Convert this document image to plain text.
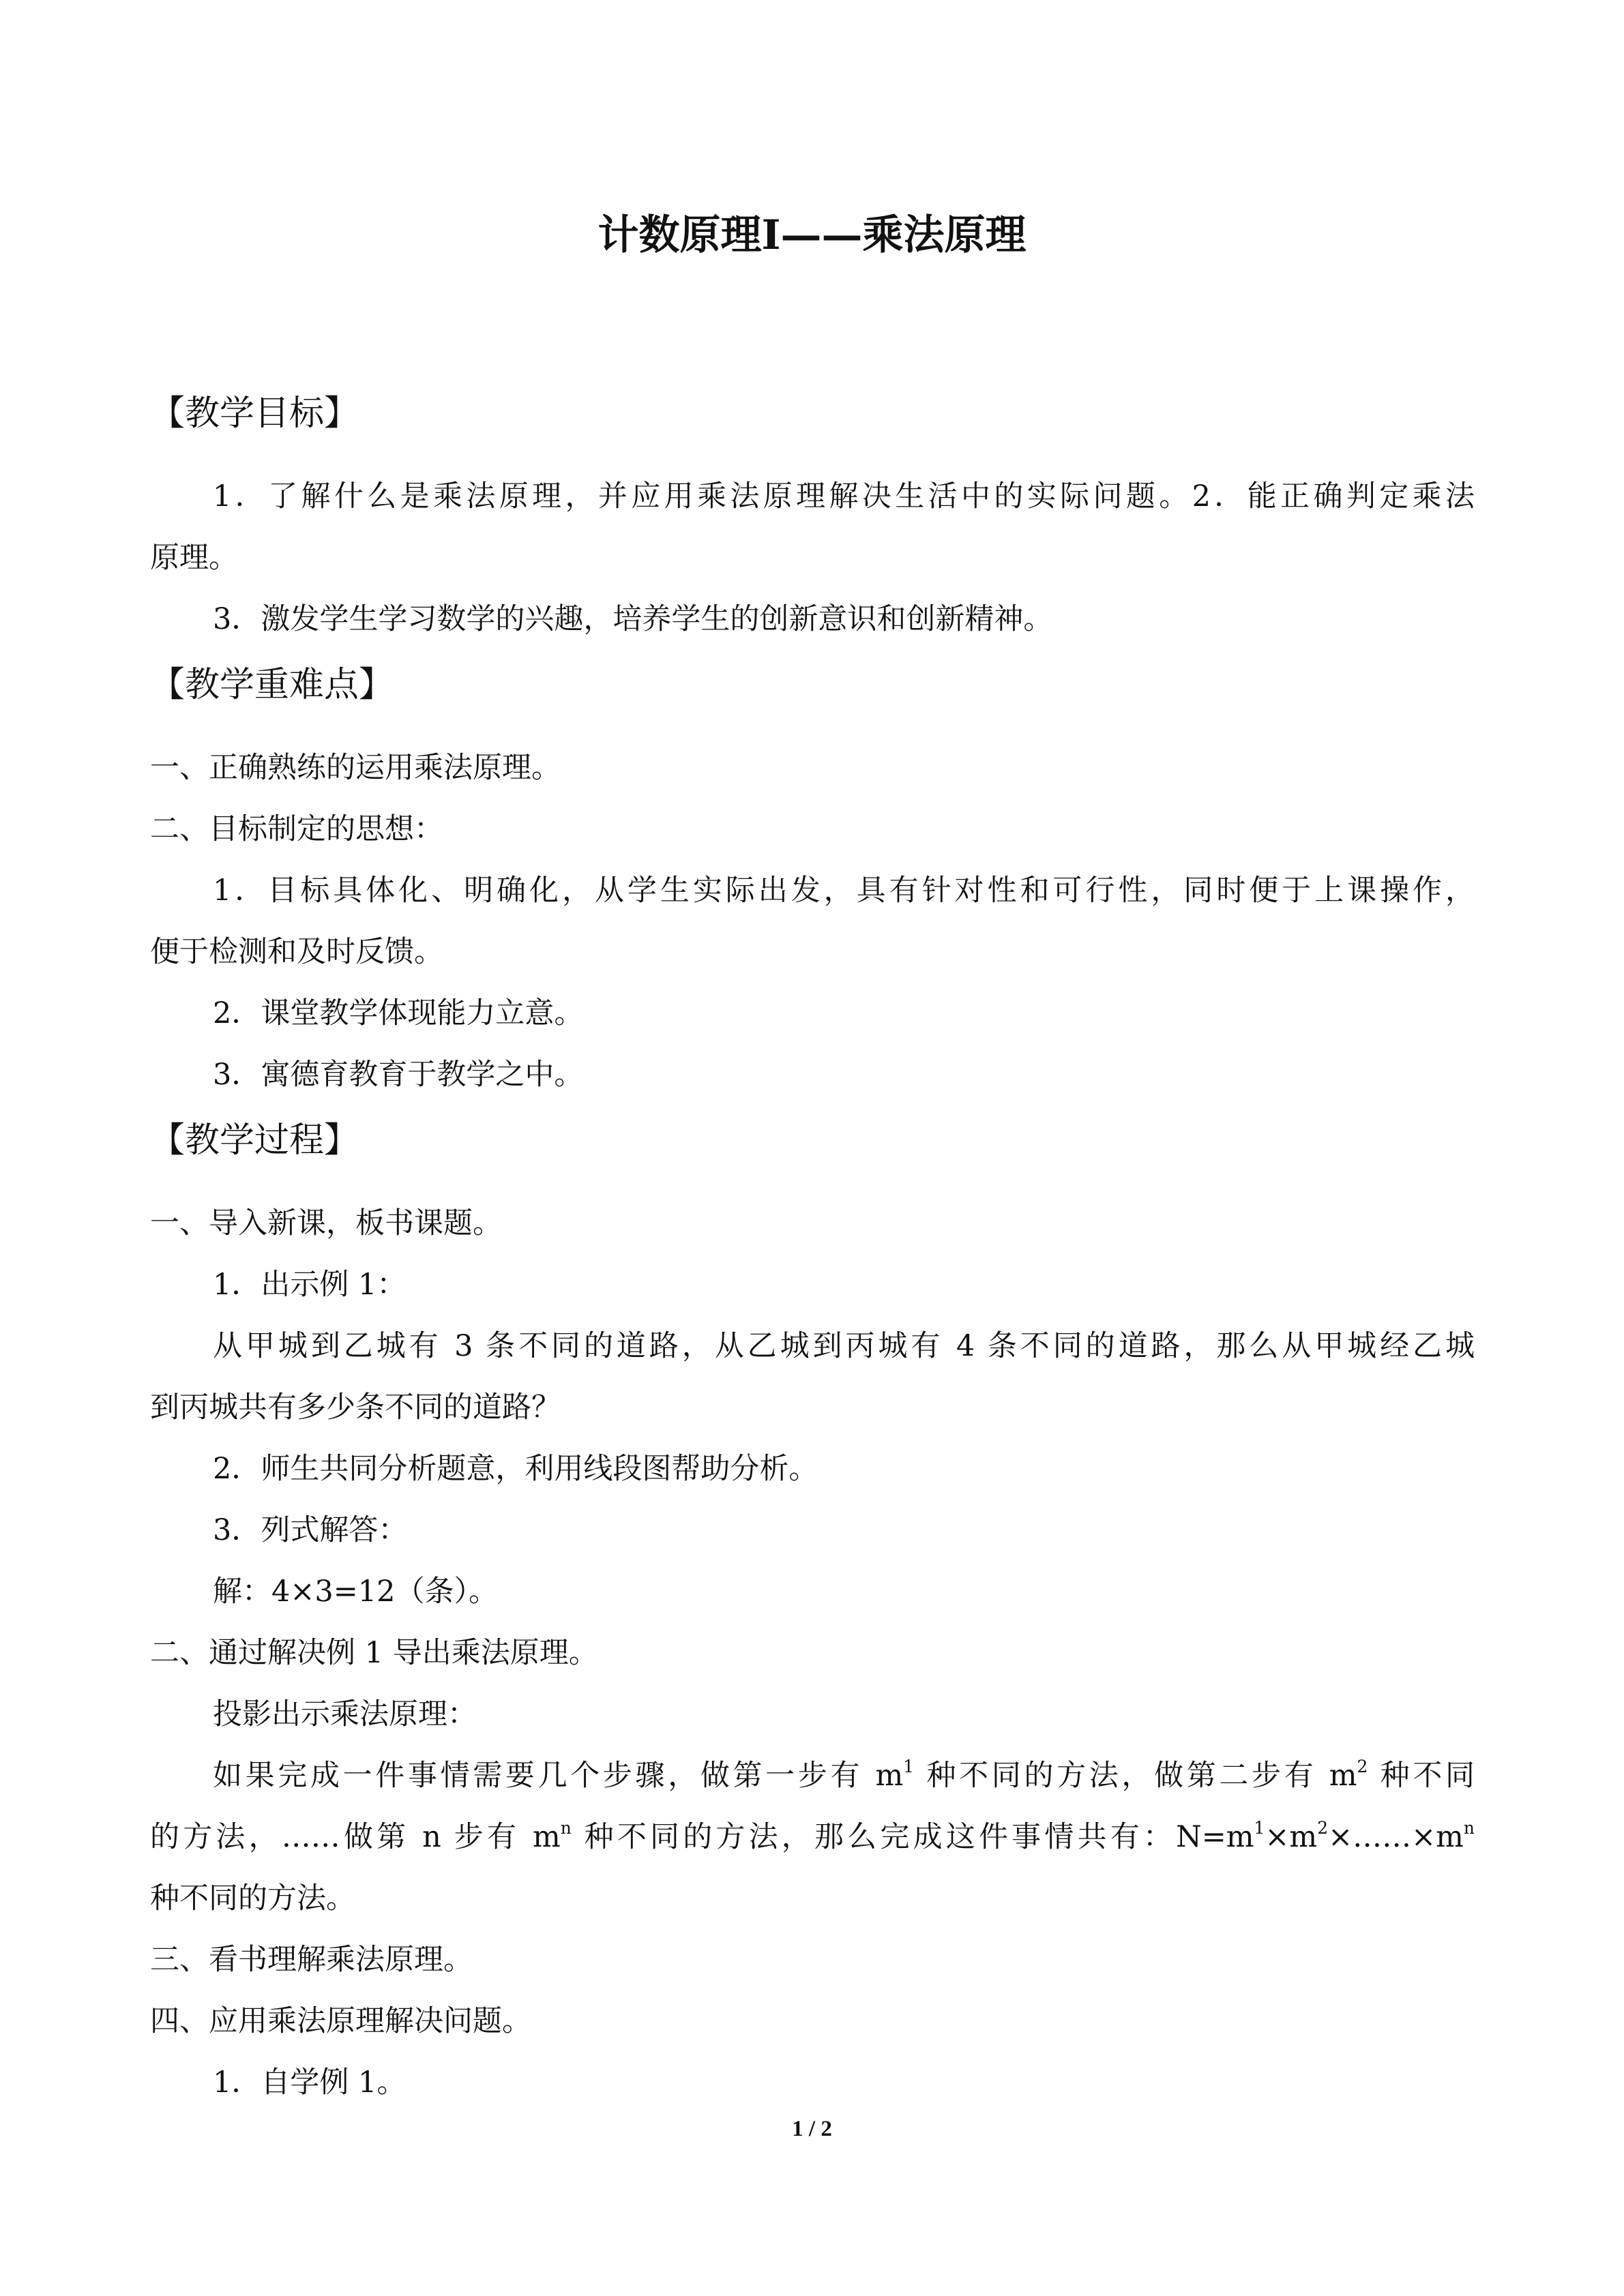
计数原理I——乘法原理
【教学目标】

1．了解什么是乘法原理，并应用乘法原理解决生活中的实际问题。2．能正确判定乘法

原理。

3．激发学生学习数学的兴趣，培养学生的创新意识和创新精神。

【教学重难点】

一、正确熟练的运用乘法原理。

二、目标制定的思想：

1．目标具体化、明确化，从学生实际出发，具有针对性和可行性，同时便于上课操作，

便于检测和及时反馈。

2．课堂教学体现能力立意。

3．寓德育教育于教学之中。

【教学过程】

一、导入新课，板书课题。

1．出示例 1：

从甲城到乙城有 3 条不同的道路，从乙城到丙城有 4 条不同的道路，那么从甲城经乙城

到丙城共有多少条不同的道路？

2．师生共同分析题意，利用线段图帮助分析。

3．列式解答：

解：4×3=12（条）。

二、通过解决例 1 导出乘法原理。

投影出示乘法原理：

如果完成一件事情需要几个步骤，做第一步有 $m^1$ 种不同的方法，做第二步有 $m^2$ 种不同

的方法，……做第 n 步有 $m^n$ 种不同的方法，那么完成这件事情共有：$N=m^1\times m^2\times\dots\dots\times m^n$

种不同的方法。

三、看书理解乘法原理。

四、应用乘法原理解决问题。

1．自学例 1。

1 / 2
